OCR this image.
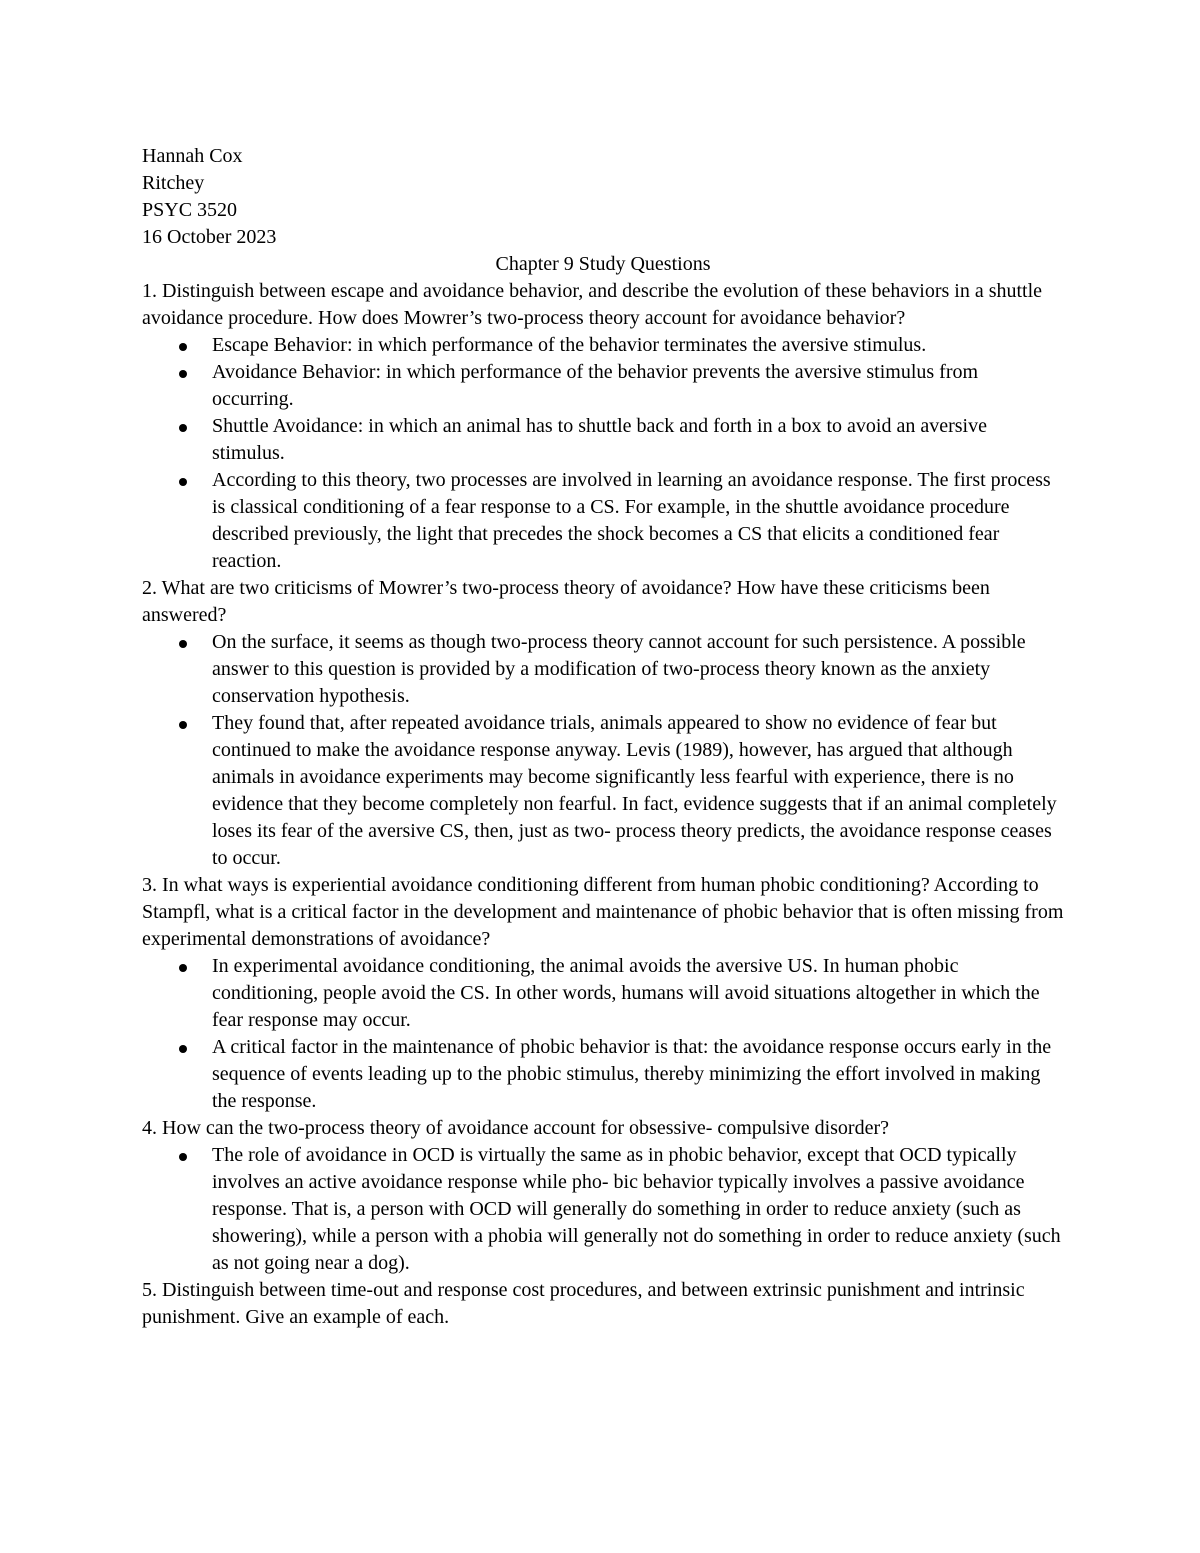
Hannah Cox

Ritchey

PSYC 3520

16 October 2023

Chapter 9 Study Questions

1. Distinguish between escape and avoidance behavior, and describe the evolution of these behaviors in a shuttle avoidance procedure. How does Mowrer’s two-process theory account for avoidance behavior?

Escape Behavior: in which performance of the behavior terminates the aversive stimulus.
Avoidance Behavior: in which performance of the behavior prevents the aversive stimulus from occurring.
Shuttle Avoidance: in which an animal has to shuttle back and forth in a box to avoid an aversive stimulus.
According to this theory, two processes are involved in learning an avoidance response. The first process is classical conditioning of a fear response to a CS. For example, in the shuttle avoidance procedure described previously, the light that precedes the shock becomes a CS that elicits a conditioned fear reaction.

2. What are two criticisms of Mowrer’s two-process theory of avoidance? How have these criticisms been answered?

On the surface, it seems as though two-process theory cannot account for such persistence. A possible answer to this question is provided by a modification of two-process theory known as the anxiety conservation hypothesis.
They found that, after repeated avoidance trials, animals appeared to show no evidence of fear but continued to make the avoidance response anyway. Levis (1989), however, has argued that although animals in avoidance experiments may become significantly less fearful with experience, there is no evidence that they become completely non fearful. In fact, evidence suggests that if an animal completely loses its fear of the aversive CS, then, just as two- process theory predicts, the avoidance response ceases to occur.

3. In what ways is experiential avoidance conditioning different from human phobic conditioning? According to Stampfl, what is a critical factor in the development and maintenance of phobic behavior that is often missing from experimental demonstrations of avoidance?

In experimental avoidance conditioning, the animal avoids the aversive US. In human phobic conditioning, people avoid the CS. In other words, humans will avoid situations altogether in which the fear response may occur.
A critical factor in the maintenance of phobic behavior is that: the avoidance response occurs early in the sequence of events leading up to the phobic stimulus, thereby minimizing the effort involved in making the response.

4. How can the two-process theory of avoidance account for obsessive- compulsive disorder?

The role of avoidance in OCD is virtually the same as in phobic behavior, except that OCD typically involves an active avoidance response while pho- bic behavior typically involves a passive avoidance response. That is, a person with OCD will generally do something in order to reduce anxiety (such as showering), while a person with a phobia will generally not do something in order to reduce anxiety (such as not going near a dog).

5. Distinguish between time-out and response cost procedures, and between extrinsic punishment and intrinsic punishment. Give an example of each.
